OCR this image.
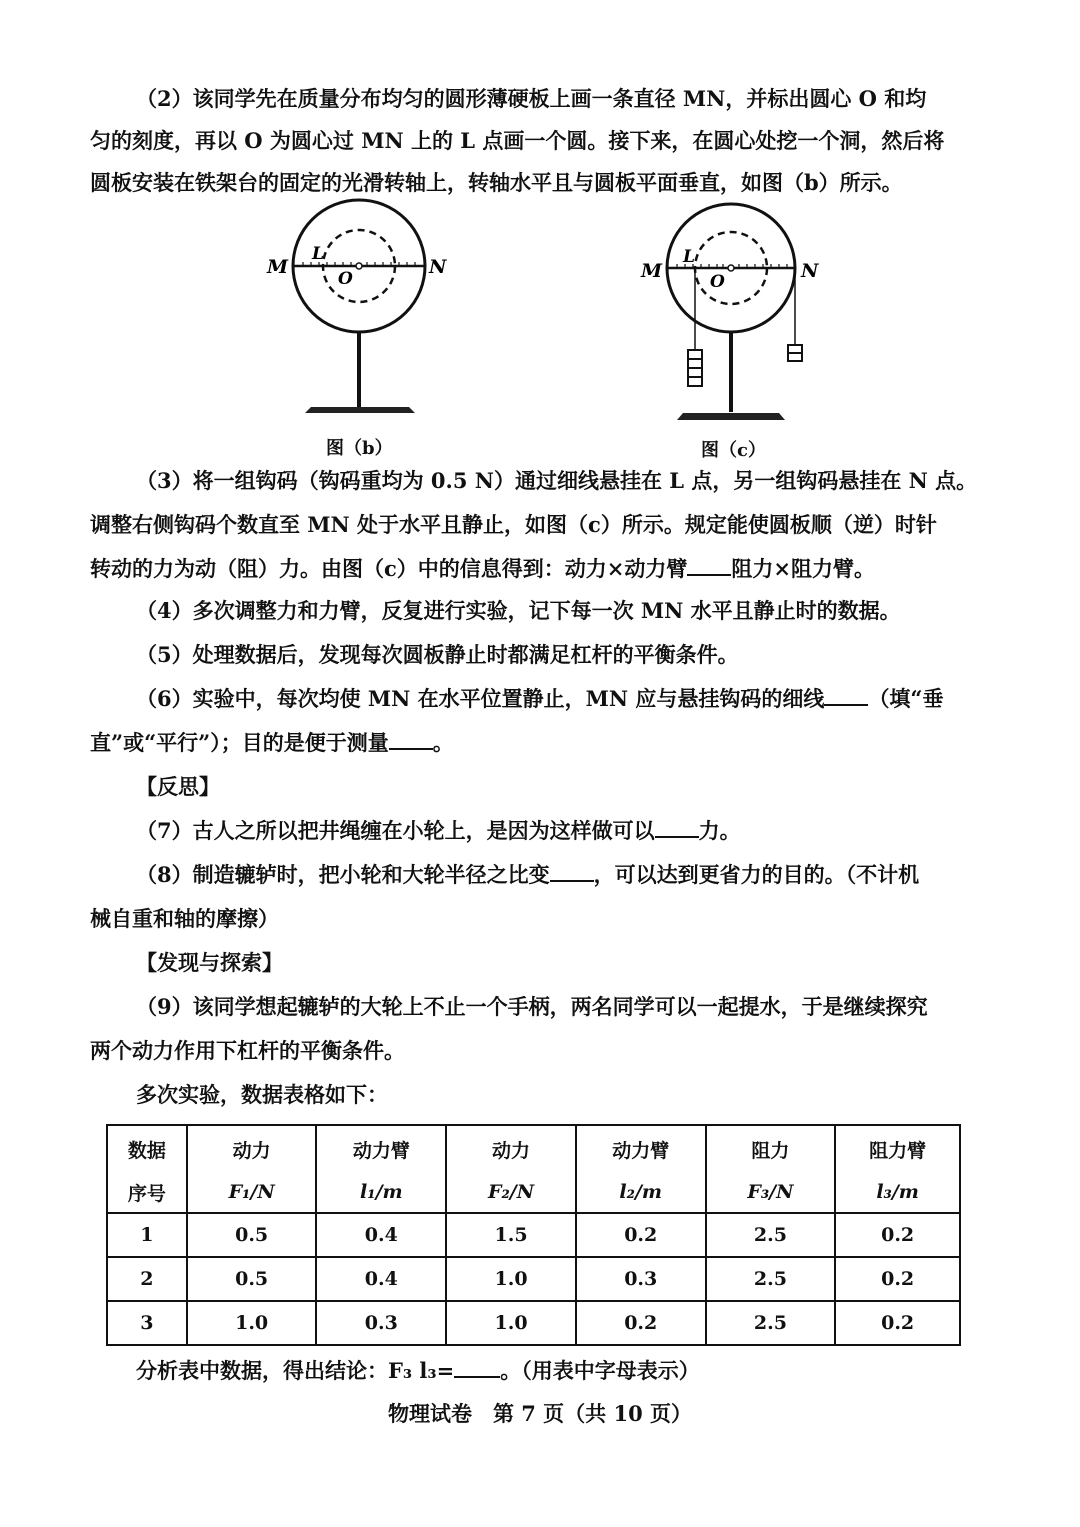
（2）该同学先在质量分布均匀的圆形薄硬板上画一条直径 MN，并标出圆心 O 和均
匀的刻度，再以 O 为圆心过 MN 上的 L 点画一个圆。接下来，在圆心处挖一个洞，然后将
圆板安装在铁架台的固定的光滑转轴上，转轴水平且与圆板平面垂直，如图（b）所示。
M	N
L
O
图（b）
M	N
L
O
图（c）
（3）将一组钩码（钩码重均为 0.5 N）通过细线悬挂在 L 点，另一组钩码悬挂在 N 点。
调整右侧钩码个数直至 MN 处于水平且静止，如图（c）所示。规定能使圆板顺（逆）时针
转动的力为动（阻）力。由图（c）中的信息得到：动力×动力臂 阻力×阻力臂。
（4）多次调整力和力臂，反复进行实验，记下每一次 MN 水平且静止时的数据。
（5）处理数据后，发现每次圆板静止时都满足杠杆的平衡条件。
（6）实验中，每次均使 MN 在水平位置静止，MN 应与悬挂钩码的细线 （填“垂
直”或“平行”）；目的是便于测量 。
【反思】
（7）古人之所以把井绳缠在小轮上，是因为这样做可以 力。
（8）制造辘轳时，把小轮和大轮半径之比变 ，可以达到更省力的目的。（不计机
械自重和轴的摩擦）
【发现与探索】
（9）该同学想起辘轳的大轮上不止一个手柄，两名同学可以一起提水，于是继续探究
两个动力作用下杠杆的平衡条件。
多次实验，数据表格如下：
数据	动力	动力臂	动力	动力臂	阻力	阻力臂
序号	F₁/N	l₁/m	F₂/N	l₂/m	F₃/N	l₃/m
1	0.5	0.4	1.5	0.2	2.5	0.2
2	0.5	0.4	1.0	0.3	2.5	0.2
3	1.0	0.3	1.0	0.2	2.5	0.2
分析表中数据，得出结论：F₃ l₃= 。（用表中字母表示）
物理试卷　第 7 页（共 10 页）
